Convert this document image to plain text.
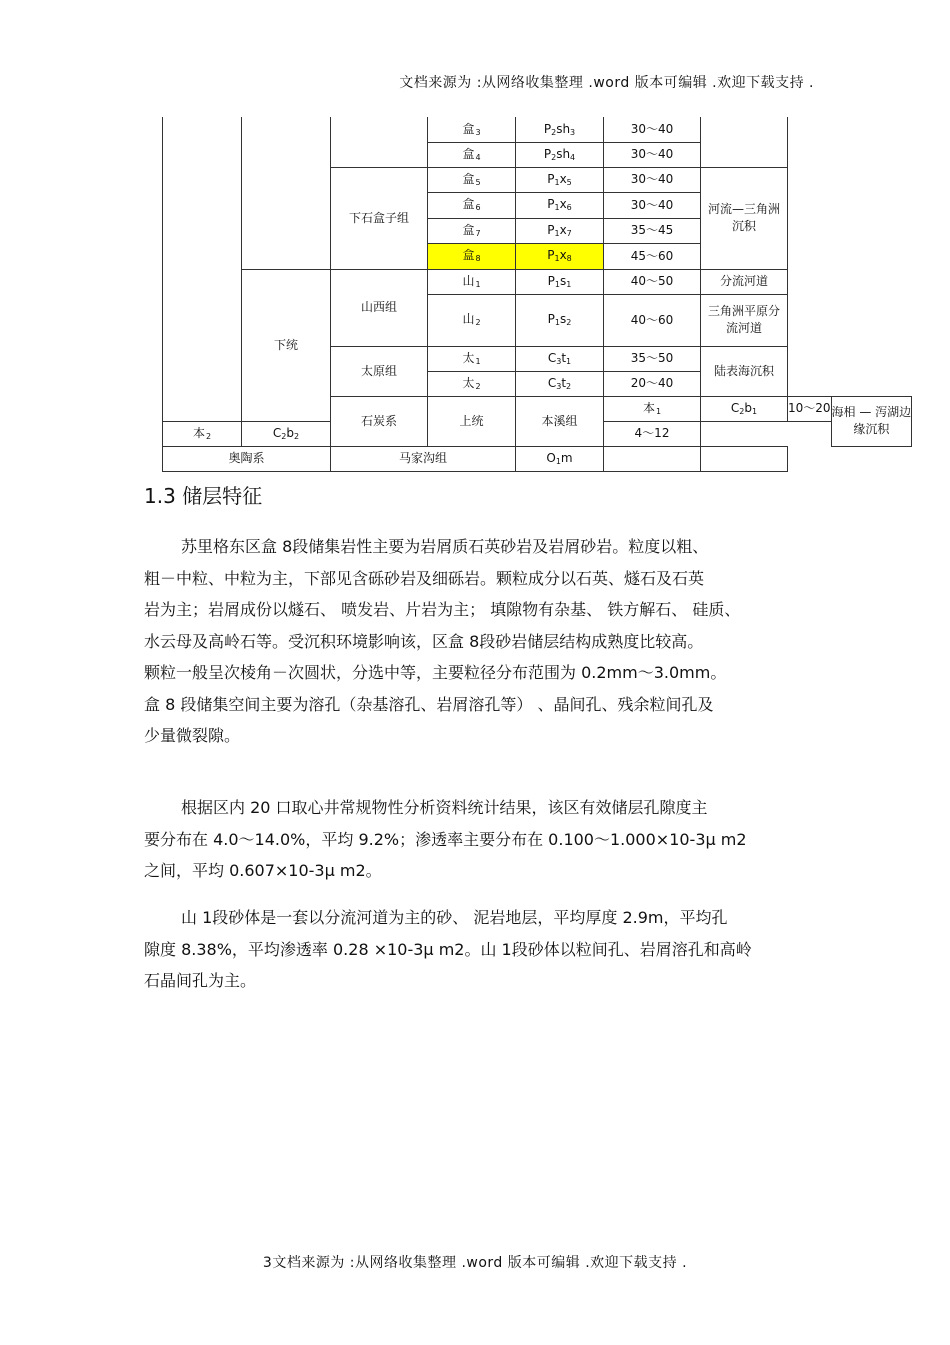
文档来源为 :从网络收集整理 .word 版本可编辑 .欢迎下载支持 .
			盒$_3$	P2sh3	30～40			
			盒$_4$	P2sh4	30～40			
		下石盒子组	盒$_5$	P1x5	30～40	河流—三角洲
沉积		
			盒$_6$	P1x6	30～40			
			盒$_7$	P1x7	35～45			
			盒$_8$	P1x8	45～60			
	下统	山西组	山$_1$	P1s1	40～50	分流河道		
			山$_2$	P1s2	40～60	三角洲平原分
流河道		
		太原组	太$_1$	C3t1	35～50	陆表海沉积		
			太$_2$	C3t2	20～40			
		石炭系	上统	本溪组	本$_1$	C2b1	10～20	海相 — 泻湖边
缘沉积
本$_2$	C2b2				4～12			
奥陶系		马家沟组		O1m				
1.3 储层特征

苏里格东区盒 8段储集岩性主要为岩屑质石英砂岩及岩屑砂岩。粒度以粗、
粗－中粒、中粒为主，下部见含砾砂岩及细砾岩。颗粒成分以石英、燧石及石英
岩为主；岩屑成份以燧石、 喷发岩、片岩为主； 填隙物有杂基、 铁方解石、 硅质、
水云母及高岭石等。受沉积环境影响该，区盒 8段砂岩储层结构成熟度比较高。
颗粒一般呈次棱角－次圆状，分选中等，主要粒径分布范围为 0.2mm～3.0mm。
盒 8 段储集空间主要为溶孔（杂基溶孔、岩屑溶孔等） 、晶间孔、残余粒间孔及
少量微裂隙。

根据区内 20 口取心井常规物性分析资料统计结果，该区有效储层孔隙度主
要分布在 4.0～14.0%，平均 9.2%；渗透率主要分布在 0.100～1.000×10-3μ m2
之间，平均 0.607×10-3μ m2。

山 1段砂体是一套以分流河道为主的砂、 泥岩地层，平均厚度 2.9m，平均孔
隙度 8.38%，平均渗透率 0.28 ×10-3μ m2。山 1段砂体以粒间孔、岩屑溶孔和高岭
石晶间孔为主。

3文档来源为 :从网络收集整理 .word 版本可编辑 .欢迎下载支持 .
